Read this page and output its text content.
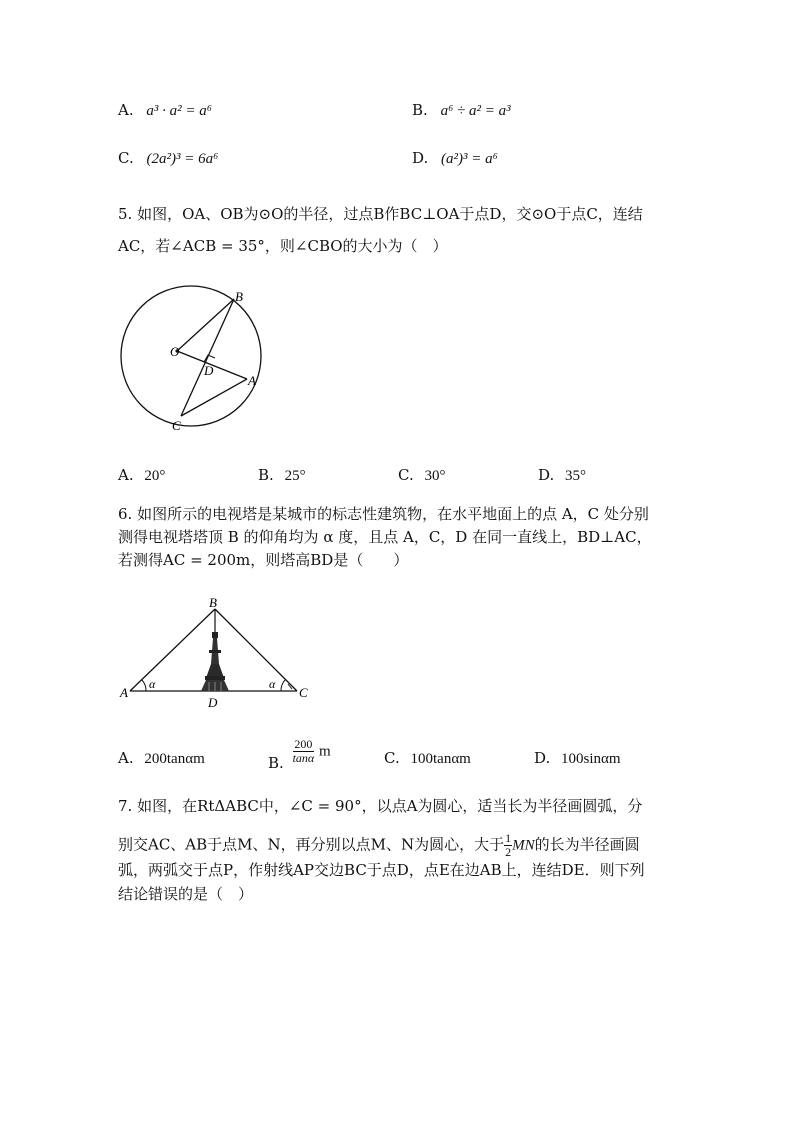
A. a³ · a² = a⁶	B. a⁶ ÷ a² = a³
C. (2a²)³ = 6a⁶	D. (a²)³ = a⁶
5. 如图，OA、OB为⊙O的半径，过点B作BC⊥OA于点D，交⊙O于点C，连结
AC，若∠ACB = 35°，则∠CBO的大小为（　）
B
O
D
A
C
A. 20°	B. 25°	C. 30°	D. 35°
6. 如图所示的电视塔是某城市的标志性建筑物，在水平地面上的点 A，C 处分别
测得电视塔塔顶 B 的仰角均为 α 度，且点 A，C，D 在同一直线上，BD⊥AC，
若测得AC = 200m，则塔高BD是（　　）
B
A	C
D
α	α
A. 200tanαm	B. $\frac{200}{\tan\alpha}$ m	C. 100tanαm	D. 100sinαm
7. 如图，在RtΔABC中，∠C = 90°，以点A为圆心，适当长为半径画圆弧，分
别交AC、AB于点M、N，再分别以点M、N为圆心，大于 $\frac{1}{2}$ MN的长为半径画圆
弧，两弧交于点P，作射线AP交边BC于点D，点E在边AB上，连结DE．则下列
结论错误的是（　）
